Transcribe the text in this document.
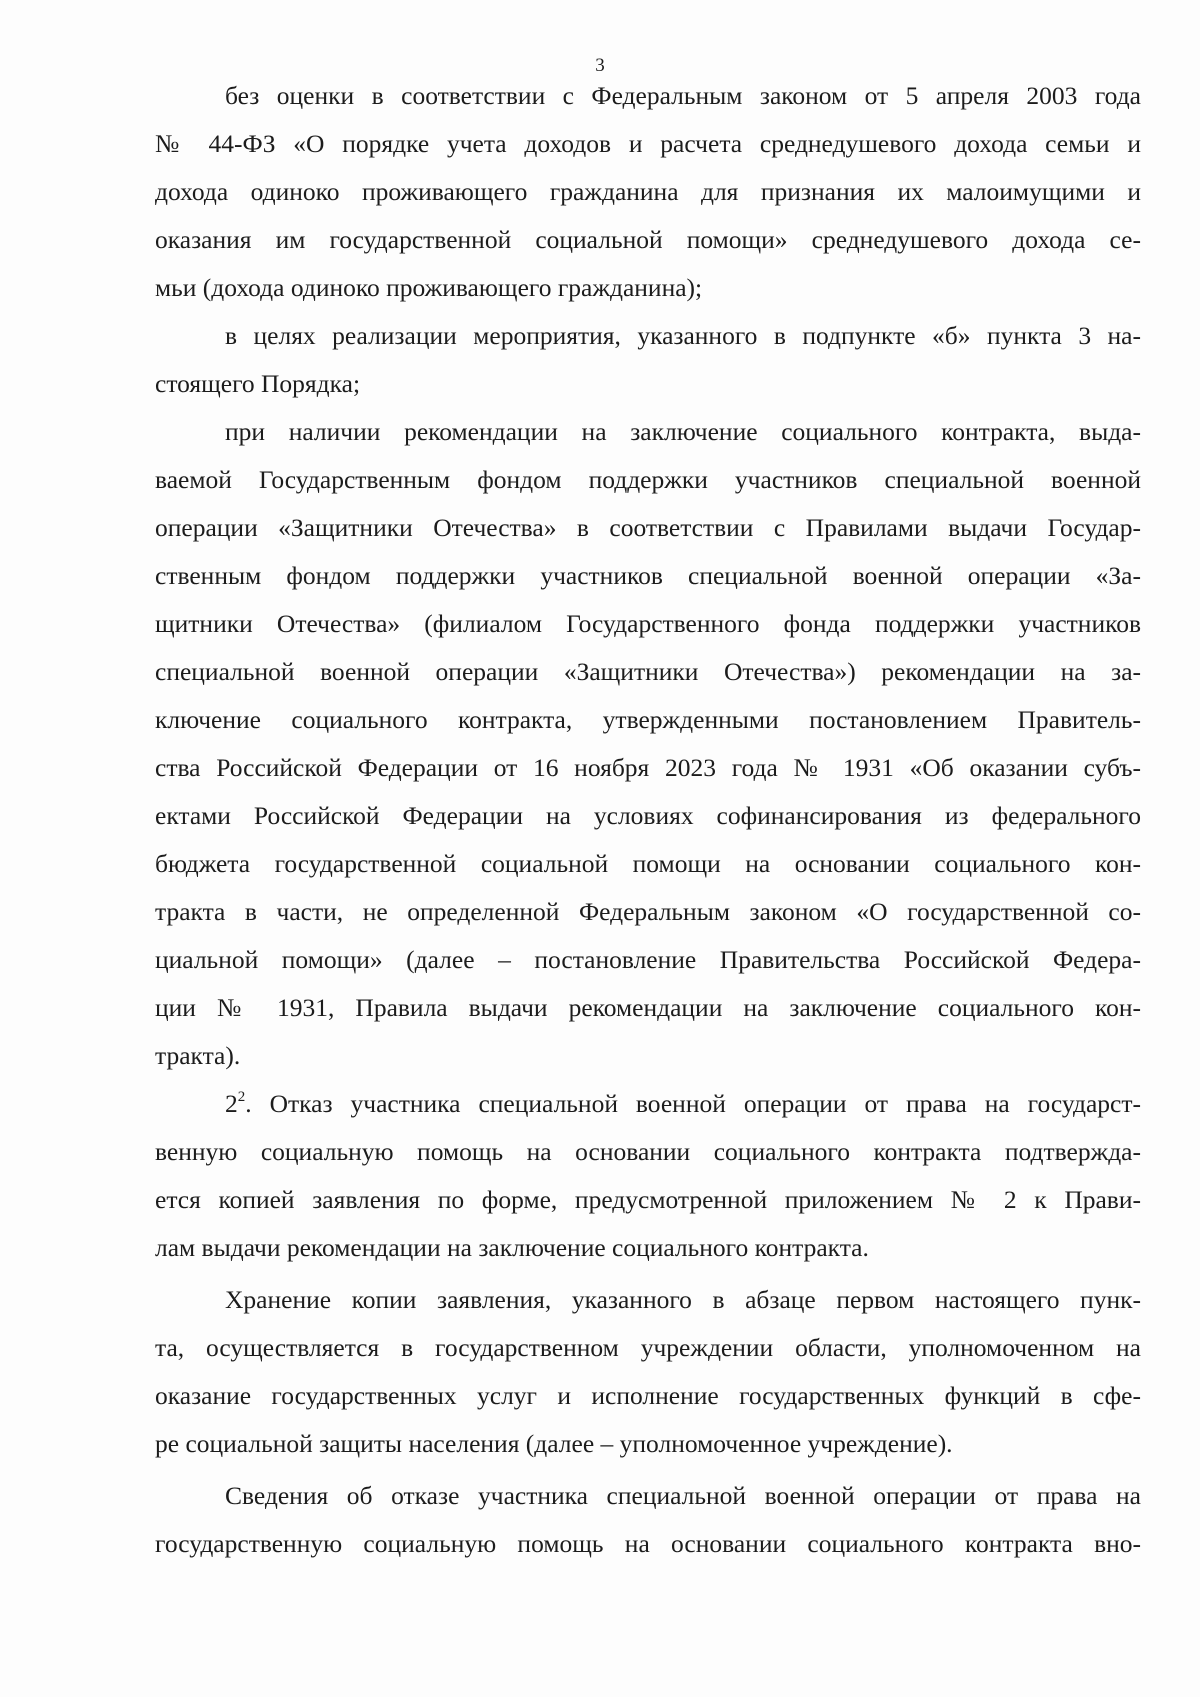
3
без оценки в соответствии с Федеральным законом от 5 апреля 2003 года
№ 44-ФЗ «О порядке учета доходов и расчета среднедушевого дохода семьи и
дохода одиноко проживающего гражданина для признания их малоимущими и
оказания им государственной социальной помощи» среднедушевого дохода се-
мьи (дохода одиноко проживающего гражданина);
в целях реализации мероприятия, указанного в подпункте «б» пункта 3 на-
стоящего Порядка;
при наличии рекомендации на заключение социального контракта, выда-
ваемой Государственным фондом поддержки участников специальной военной
операции «Защитники Отечества» в соответствии с Правилами выдачи Государ-
ственным фондом поддержки участников специальной военной операции «За-
щитники Отечества» (филиалом Государственного фонда поддержки участников
специальной военной операции «Защитники Отечества») рекомендации на за-
ключение социального контракта, утвержденными постановлением Правитель-
ства Российской Федерации от 16 ноября 2023 года № 1931 «Об оказании субъ-
ектами Российской Федерации на условиях софинансирования из федерального
бюджета государственной социальной помощи на основании социального кон-
тракта в части, не определенной Федеральным законом «О государственной со-
циальной помощи» (далее – постановление Правительства Российской Федера-
ции № 1931, Правила выдачи рекомендации на заключение социального кон-
тракта).
$2^2$. Отказ участника специальной военной операции от права на государст-
венную социальную помощь на основании социального контракта подтвержда-
ется копией заявления по форме, предусмотренной приложением № 2 к Прави-
лам выдачи рекомендации на заключение социального контракта.
Хранение копии заявления, указанного в абзаце первом настоящего пунк-
та, осуществляется в государственном учреждении области, уполномоченном на
оказание государственных услуг и исполнение государственных функций в сфе-
ре социальной защиты населения (далее – уполномоченное учреждение).
Сведения об отказе участника специальной военной операции от права на
государственную социальную помощь на основании социального контракта вно-
